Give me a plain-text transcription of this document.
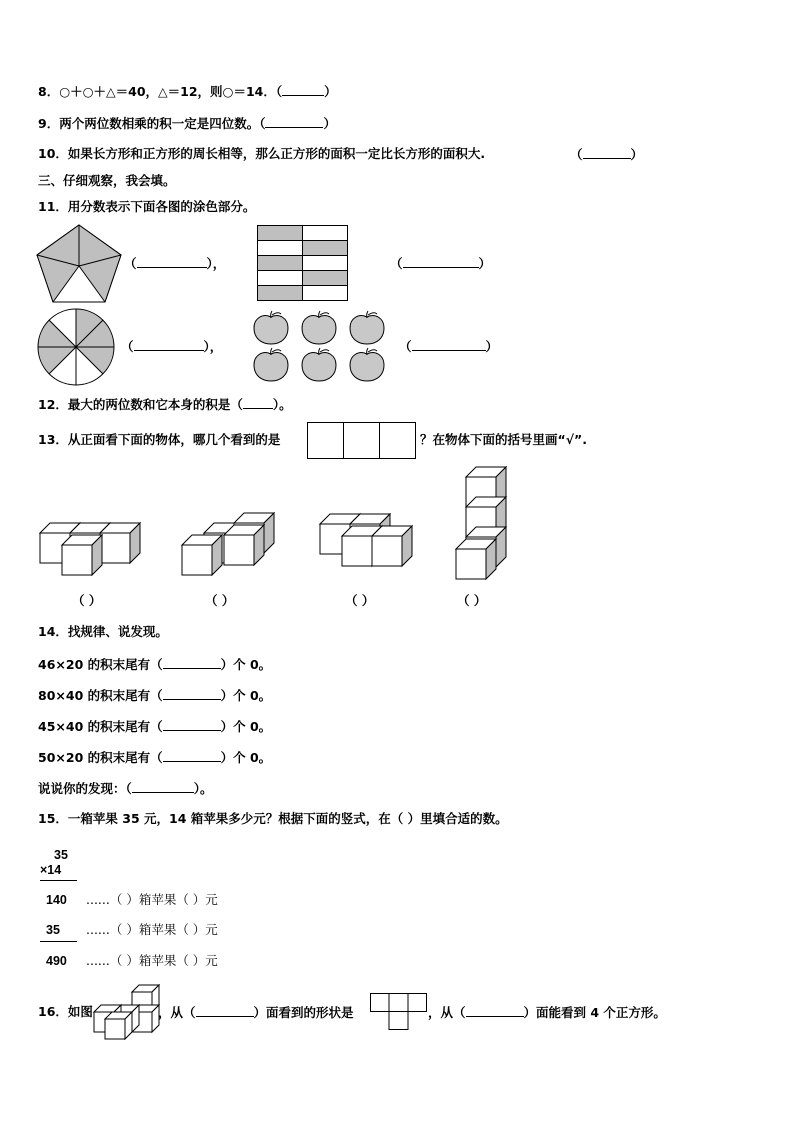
8．○＋○＋△＝40，△＝12，则○＝14．（	）
9．两个两位数相乘的积一定是四位数。（	）
10．如果长方形和正方形的周长相等，那么正方形的面积一定比长方形的面积大.	（	）
三、仔细观察，我会填。
11．用分数表示下面各图的涂色部分。
（	），	（	）
（	），	（	）
12．最大的两位数和它本身的积是（ ）。
13．从正面看下面的物体，哪几个看到的是	？在物体下面的括号里画“√”.
（ ）	（ ）	（ ）	（ ）
14．找规律、说发现。
46×20 的积末尾有（	）个 0。
80×40 的积末尾有（	）个 0。
45×40 的积末尾有（	）个 0。
50×20 的积末尾有（	）个 0。
说说你的发现：（	）。
15．一箱苹果 35 元，14 箱苹果多少元？根据下面的竖式，在（ ）里填合适的数。
35
×14
140 ......（ ）箱苹果（ ）元
35 ......（ ）箱苹果（ ）元
490 ......（ ）箱苹果（ ）元
16．如图	，从（	）面看到的形状是	，从（	）面能看到 4 个正方形。
